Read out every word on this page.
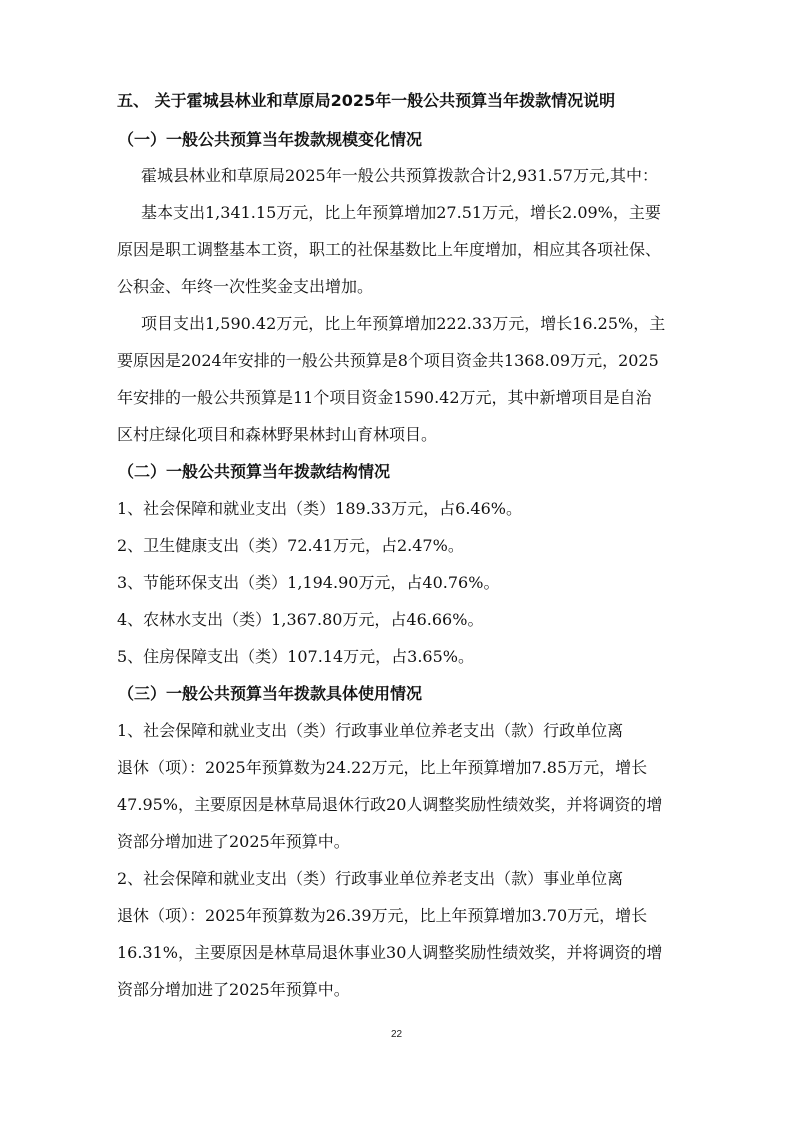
五、 关于霍城县林业和草原局2025年一般公共预算当年拨款情况说明
（一）一般公共预算当年拨款规模变化情况
霍城县林业和草原局2025年一般公共预算拨款合计2,931.57万元,其中：
基本支出1,341.15万元，比上年预算增加27.51万元，增长2.09%，主要
原因是职工调整基本工资，职工的社保基数比上年度增加，相应其各项社保、
公积金、年终一次性奖金支出增加。
项目支出1,590.42万元，比上年预算增加222.33万元，增长16.25%，主
要原因是2024年安排的一般公共预算是8个项目资金共1368.09万元，2025
年安排的一般公共预算是11个项目资金1590.42万元，其中新增项目是自治
区村庄绿化项目和森林野果林封山育林项目。
（二）一般公共预算当年拨款结构情况
1、社会保障和就业支出（类）189.33万元，占6.46%。
2、卫生健康支出（类）72.41万元，占2.47%。
3、节能环保支出（类）1,194.90万元，占40.76%。
4、农林水支出（类）1,367.80万元，占46.66%。
5、住房保障支出（类）107.14万元，占3.65%。
（三）一般公共预算当年拨款具体使用情况
1、社会保障和就业支出（类）行政事业单位养老支出（款）行政单位离
退休（项）：2025年预算数为24.22万元，比上年预算增加7.85万元，增长
47.95%，主要原因是林草局退休行政20人调整奖励性绩效奖，并将调资的增
资部分增加进了2025年预算中。
2、社会保障和就业支出（类）行政事业单位养老支出（款）事业单位离
退休（项）：2025年预算数为26.39万元，比上年预算增加3.70万元，增长
16.31%，主要原因是林草局退休事业30人调整奖励性绩效奖，并将调资的增
资部分增加进了2025年预算中。
22
